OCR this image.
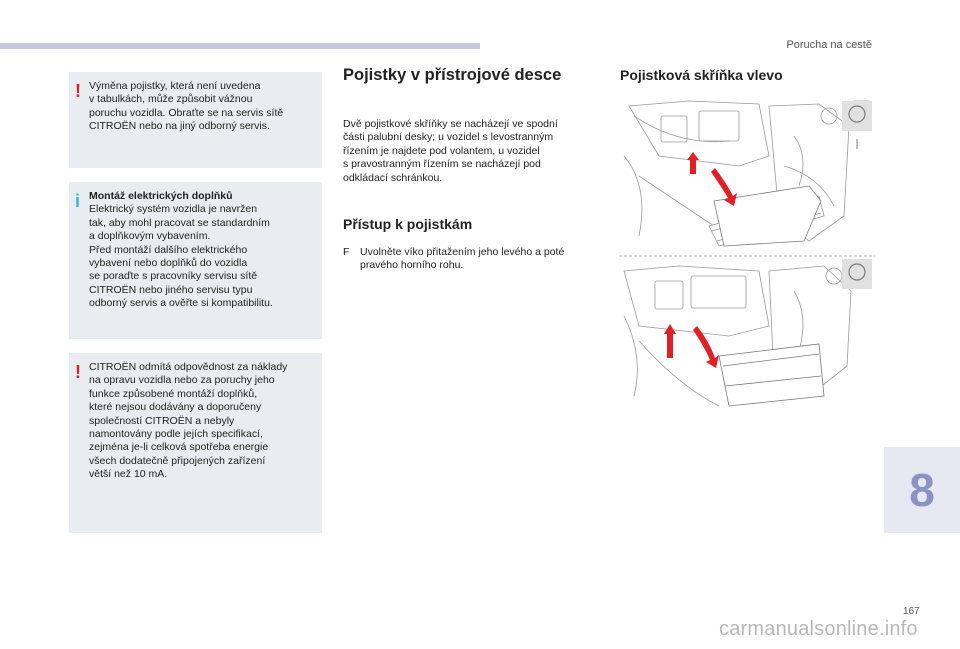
Porucha na cestě
! Výměna pojistky, která není uvedena
v tabulkách, může způsobit vážnou
poruchu vozidla. Obraťte se na servis sítě
CITROËN nebo na jiný odborný servis.
i Montáž elektrických doplňků
Elektrický systém vozidla je navržen
tak, aby mohl pracovat se standardním
a doplňkovým vybavením.
Před montáží dalšího elektrického
vybavení nebo doplňků do vozidla
se poraďte s pracovníky servisu sítě
CITROËN nebo jiného servisu typu
odborný servis a ověřte si kompatibilitu.
! CITROËN odmítá odpovědnost za náklady
na opravu vozidla nebo za poruchy jeho
funkce způsobené montáží doplňků,
které nejsou dodávány a doporučeny
společností CITROËN a nebyly
namontovány podle jejích specifikací,
zejména je-li celková spotřeba energie
všech dodatečně připojených zařízení
větší než 10 mA.
Pojistky v přístrojové desce
Dvě pojistkové skříňky se nacházejí ve spodní
části palubní desky; u vozidel s levostranným
řízením je najdete pod volantem, u vozidel
s pravostranným řízením se nacházejí pod
odkládací schránkou.
Přístup k pojistkám
F Uvolněte víko přitažením jeho levého a poté
pravého horního rohu.
Pojistková skříňka vlevo
8
167
carmanualsonline.info
